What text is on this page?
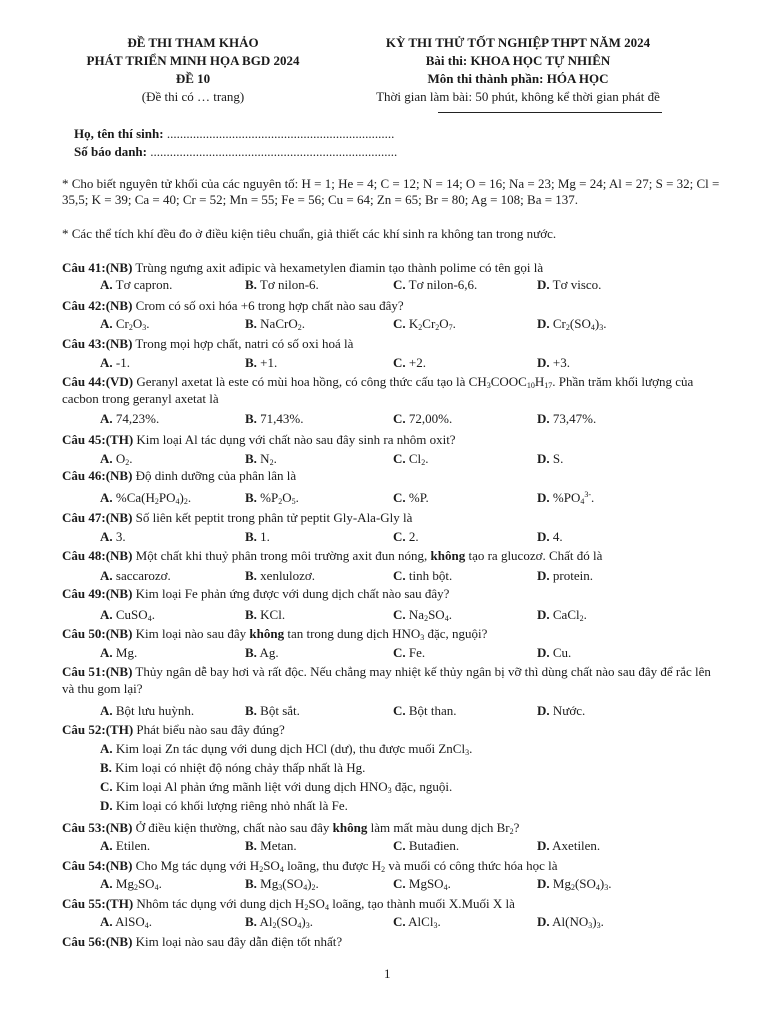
ĐỀ THI THAM KHẢO
PHÁT TRIỂN MINH HỌA BGD 2024
ĐỀ 10
(Đề thi có … trang)
KỲ THI THỬ TỐT NGHIỆP THPT NĂM 2024
Bài thi: KHOA HỌC TỰ NHIÊN
Môn thi thành phần: HÓA HỌC
Thời gian làm bài: 50 phút, không kể thời gian phát đề
Họ, tên thí sinh: ......................................................................
Số báo danh: ............................................................................
* Cho biết nguyên tử khối của các nguyên tố: H = 1; He = 4; C = 12; N = 14; O = 16; Na = 23; Mg = 24; Al = 27; S = 32; Cl = 35,5; K = 39; Ca = 40; Cr = 52; Mn = 55; Fe = 56; Cu = 64; Zn = 65; Br = 80; Ag = 108; Ba = 137.
* Các thể tích khí đều đo ở điều kiện tiêu chuẩn, giả thiết các khí sinh ra không tan trong nước.
Câu 41:(NB) Trùng ngưng axit ađipic và hexametylen điamin tạo thành polime có tên gọi là
A. Tơ capron.	B. Tơ nilon-6.	C. Tơ nilon-6,6.	D. Tơ visco.
Câu 42:(NB) Crom có số oxi hóa +6 trong hợp chất nào sau đây?
A. $Cr_2O_3$.	B. NaCrO$_2$.	C. $K_2Cr_2O_7$.	D. $Cr_2(SO_4)_3$.
Câu 43:(NB) Trong mọi hợp chất, natri có số oxi hoá là
A. -1.	B. +1.	C. +2.	D. +3.
Câu 44:(VD) Geranyl axetat là este có mùi hoa hồng, có công thức cấu tạo là $CH_3COOC_{10}H_{17}$. Phần trăm khối lượng của cacbon trong geranyl axetat là
A. 74,23%.	B. 71,43%.	C. 72,00%.	D. 73,47%.
Câu 45:(TH) Kim loại Al tác dụng với chất nào sau đây sinh ra nhôm oxit?
A. $O_2$.	B. $N_2$.	C. $Cl_2$.	D. S.
Câu 46:(NB) Độ dinh dưỡng của phân lân là
A. $\%Ca(H_2PO_4)_2$.	B. $\%P_2O_5$.	C. %P.	D. $\%PO_4^{3-}$.
Câu 47:(NB) Số liên kết peptit trong phân tử peptit Gly-Ala-Gly là
A. 3.	B. 1.	C. 2.	D. 4.
Câu 48:(NB) Một chất khi thuỷ phân trong môi trường axit đun nóng, không tạo ra glucozơ. Chất đó là
A. saccarozơ.	B. xenlulozơ.	C. tinh bột.	D. protein.
Câu 49:(NB) Kim loại Fe phản ứng được với dung dịch chất nào sau đây?
A. CuSO$_4$.	B. KCl.	C. $Na_2SO_4$.	D. CaCl$_2$.
Câu 50:(NB) Kim loại nào sau đây không tan trong dung dịch $HNO_3$ đặc, nguội?
A. Mg.	B. Ag.	C. Fe.	D. Cu.
Câu 51:(NB) Thủy ngân dễ bay hơi và rất độc. Nếu chẳng may nhiệt kế thủy ngân bị vỡ thì dùng chất nào sau đây để rắc lên và thu gom lại?
A. Bột lưu huỳnh.	B. Bột sắt.	C. Bột than.	D. Nước.
Câu 52:(TH) Phát biểu nào sau đây đúng?
A. Kim loại Zn tác dụng với dung dịch HCl (dư), thu được muối ZnCl$_3$.
B. Kim loại có nhiệt độ nóng chảy thấp nhất là Hg.
C. Kim loại Al phản ứng mãnh liệt với dung dịch $HNO_3$ đặc, nguội.
D. Kim loại có khối lượng riêng nhỏ nhất là Fe.
Câu 53:(NB) Ở điều kiện thường, chất nào sau đây không làm mất màu dung dịch $Br_2$?
A. Etilen.	B. Metan.	C. Butađien.	D. Axetilen.
Câu 54:(NB) Cho Mg tác dụng với $H_2SO_4$ loãng, thu được $H_2$ và muối có công thức hóa học là
A. $Mg_2SO_4$.	B. $Mg_3(SO_4)_2$.	C. MgSO$_4$.	D. $Mg_2(SO_4)_3$.
Câu 55:(TH) Nhôm tác dụng với dung dịch $H_2SO_4$ loãng, tạo thành muối X.Muối X là
A. AlSO$_4$.	B. $Al_2(SO_4)_3$.	C. AlCl$_3$.	D. $Al(NO_3)_3$.
Câu 56:(NB) Kim loại nào sau đây dẫn điện tốt nhất?
1
